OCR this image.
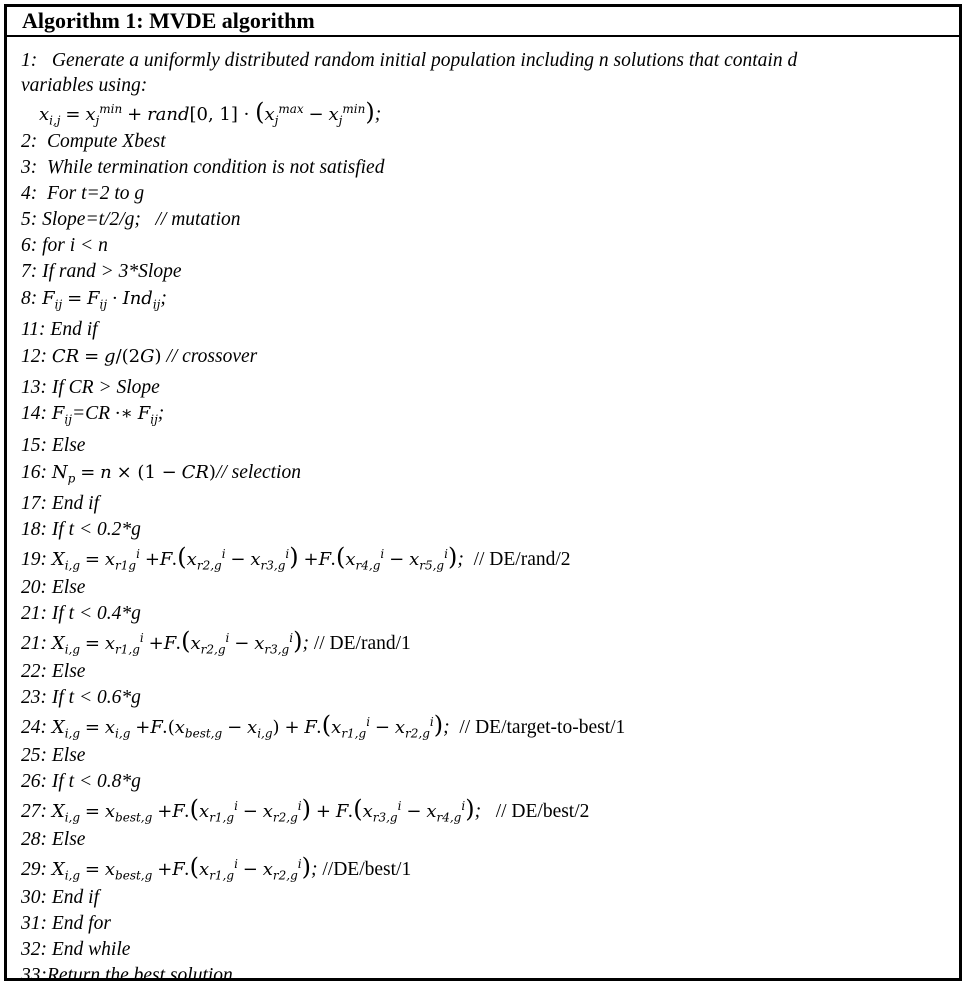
Algorithm 1: MVDE algorithm
1: Generate a uniformly distributed random initial population including n solutions that contain d
variables using:
$x_{i,j} = x_j^{min}$ + rand[0, $1] \cdot (x_j^{max} - x_j^{min})$;
2: Compute Xbest
3: While termination condition is not satisfied
4: For t=2 to g
5: Slope=t/2/g;   // mutation
6: for i < n
7: If rand > 3*Slope
8: $F_{ij} = F_{ij} \cdot Ind_{ij}$;
11: End if
12: CR = g/(2G) // crossover
13: If CR > Slope
14: $F_{ij}=CR$ ·∗ $F_{ij}$;
15: Else
16: $N_p = n \times (1 - CR)//$ selection
17: End if
18: If t < 0.2*g
19: $X_{i,g} = x_{r1g}^i +F.(x_{r2,g}^i - x_{r3,g}^i) +F.(x_{r4,g}^i - x_{r5,g}^i)$;  // DE/rand/2
20: Else
21: If t < 0.4*g
21: $X_{i,g} = x_{r1,g}^i +F.(x_{r2,g}^i - x_{r3,g}^i)$; // DE/rand/1
22: Else
23: If t < 0.6*g
24: $X_{i,g} = x_{i,g} +F.(x_{best,g} - x_{i,g}) + F.(x_{r1,g}^i - x_{r2,g}^i)$;  // DE/target-to-best/1
25: Else
26: If t < 0.8*g
27: $X_{i,g} = x_{best,g} +F.(x_{r1,g}^i - x_{r2,g}^i) + F.(x_{r3,g}^i - x_{r4,g}^i)$;   // DE/best/2
28: Else
29: $X_{i,g} = x_{best,g} +F.(x_{r1,g}^i - x_{r2,g}^i)$; //DE/best/1
30: End if
31: End for
32: End while
33:Return the best solution
